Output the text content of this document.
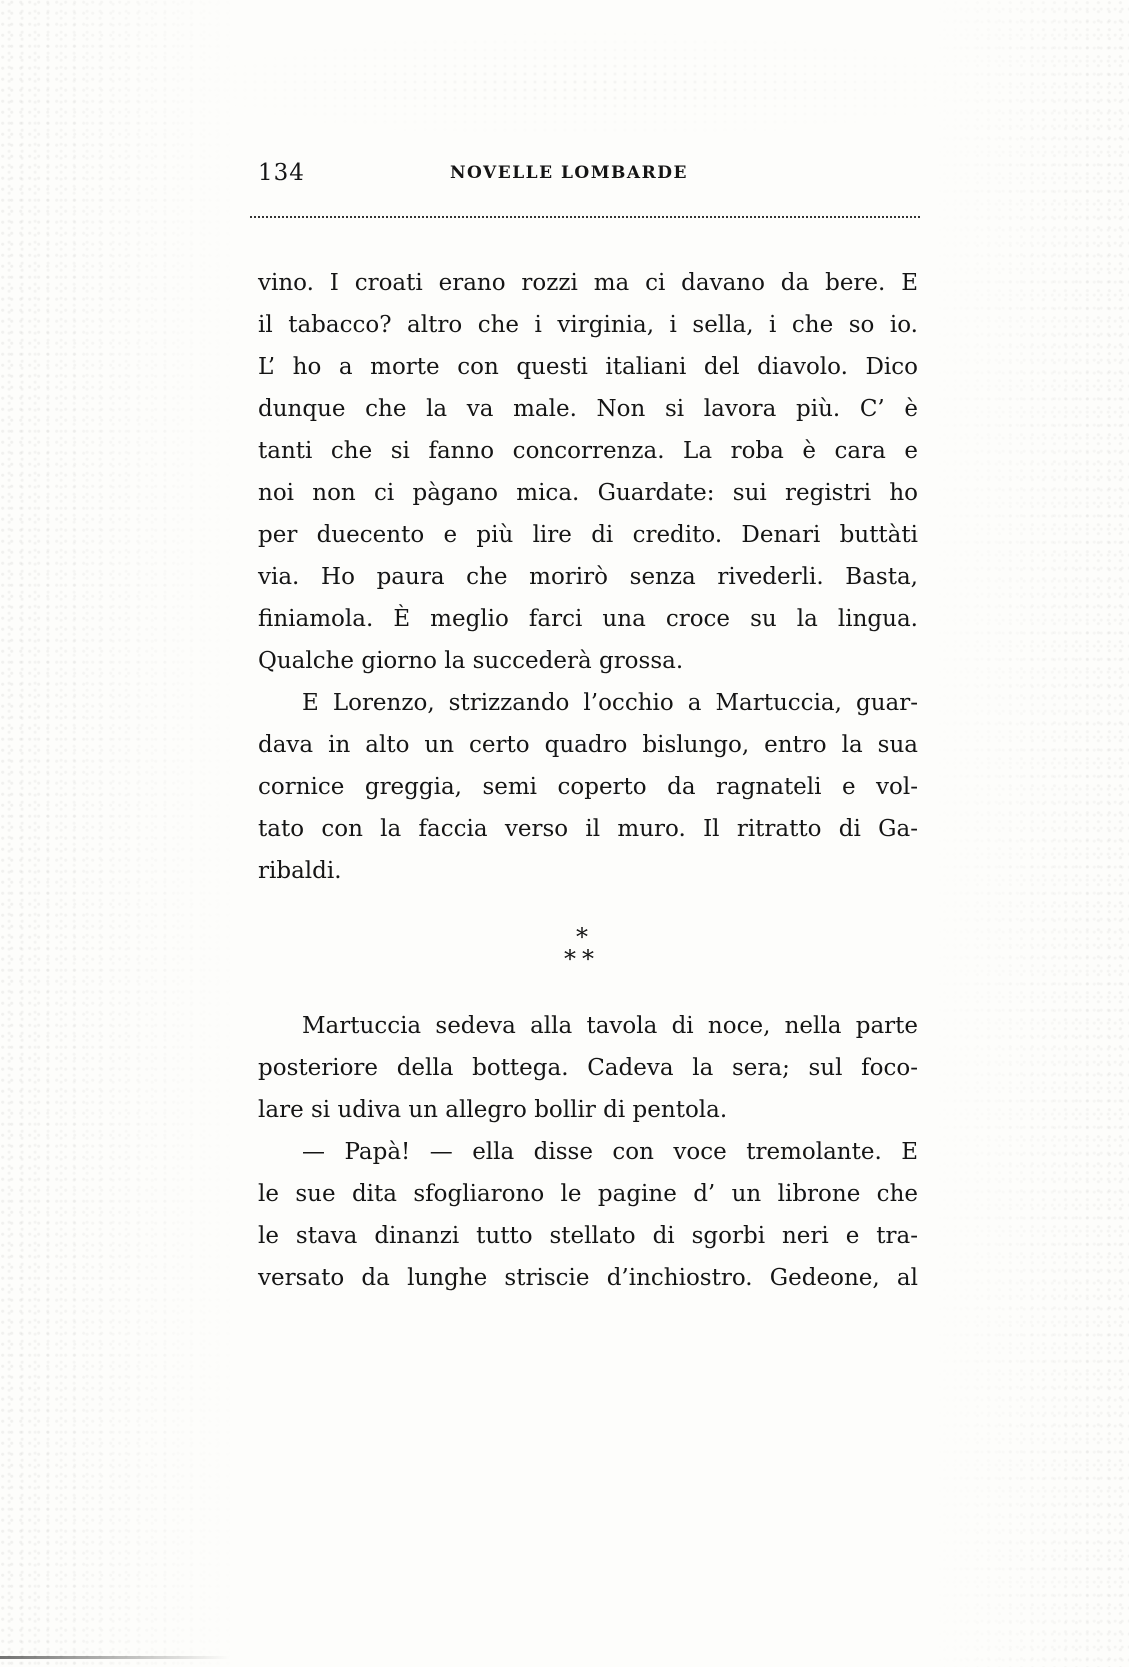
134	NOVELLE LOMBARDE

vino. I croati erano rozzi ma ci davano da bere. E

il tabacco? altro che i virginia, i sella, i che so io.

L’ ho a morte con questi italiani del diavolo. Dico

dunque che la va male. Non si lavora più. C’ è

tanti che si fanno concorrenza. La roba è cara e

noi non ci pàgano mica. Guardate: sui registri ho

per duecento e più lire di credito. Denari buttàti

via. Ho paura che morirò senza rivederli. Basta,

finiamola. È meglio farci una croce su la lingua.

Qualche giorno la succederà grossa.

E Lorenzo, strizzando l’occhio a Martuccia, guar-

dava in alto un certo quadro bislungo, entro la sua

cornice greggia, semi coperto da ragnateli e vol-

tato con la faccia verso il muro. Il ritratto di Ga-

ribaldi.

*
**

Martuccia sedeva alla tavola di noce, nella parte

posteriore della bottega. Cadeva la sera; sul foco-

lare si udiva un allegro bollir di pentola.

— Papà! — ella disse con voce tremolante. E

le sue dita sfogliarono le pagine d’ un librone che

le stava dinanzi tutto stellato di sgorbi neri e tra-

versato da lunghe striscie d’inchiostro. Gedeone, al
